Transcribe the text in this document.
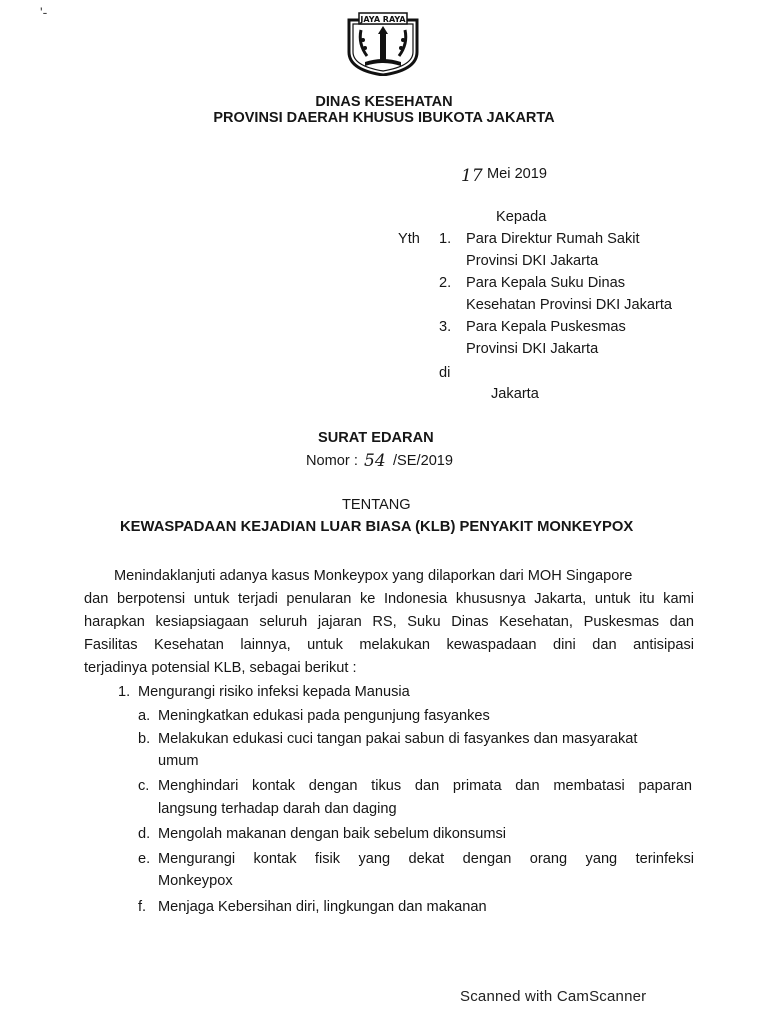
'-	JAYA RAYA
DINAS KESEHATAN
PROVINSI DAERAH KHUSUS IBUKOTA JAKARTA
17 Mei 2019
Kepada
Yth 1. Para Direktur Rumah Sakit
Provinsi DKI Jakarta
2. Para Kepala Suku Dinas
Kesehatan Provinsi DKI Jakarta
3. Para Kepala Puskesmas
Provinsi DKI Jakarta
di
Jakarta
SURAT EDARAN
Nomor : 54 /SE/2019
TENTANG
KEWASPADAAN KEJADIAN LUAR BIASA (KLB) PENYAKIT MONKEYPOX
Menindaklanjuti adanya kasus Monkeypox yang dilaporkan dari MOH Singapore
dan berpotensi untuk terjadi penularan ke Indonesia khususnya Jakarta, untuk itu kami
harapkan kesiapsiagaan seluruh jajaran RS, Suku Dinas Kesehatan, Puskesmas dan
Fasilitas Kesehatan lainnya, untuk melakukan kewaspadaan dini dan antisipasi
terjadinya potensial KLB, sebagai berikut :
1. Mengurangi risiko infeksi kepada Manusia
a. Meningkatkan edukasi pada pengunjung fasyankes
b. Melakukan edukasi cuci tangan pakai sabun di fasyankes dan masyarakat
umum
c. Menghindari kontak dengan tikus dan primata dan membatasi paparan
langsung terhadap darah dan daging
d. Mengolah makanan dengan baik sebelum dikonsumsi
e. Mengurangi kontak fisik yang dekat dengan orang yang terinfeksi
Monkeypox
f. Menjaga Kebersihan diri, lingkungan dan makanan
Scanned with CamScanner
